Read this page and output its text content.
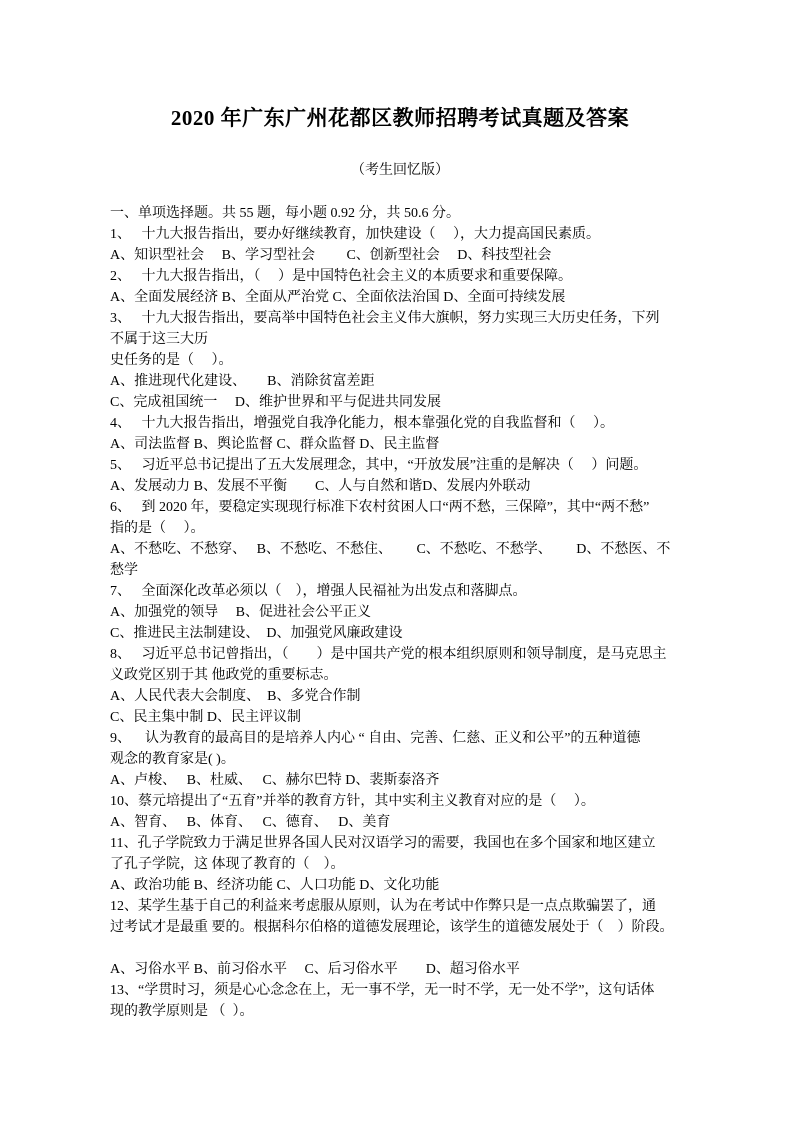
2020 年广东广州花都区教师招聘考试真题及答案

（考生回忆版）

一、单项选择题。共 55 题，每小题 0.92 分，共 50.6 分。

1、　 十九大报告指出，要办好继续教育，加快建设（　 ），大力提高国民素质。

A、知识型社会　 B、学习型社会　　 C、创新型社会　 D、科技型社会

2、　 十九大报告指出，（　 ）是中国特色社会主义的本质要求和重要保障。

A、全面发展经济 B、全面从严治党 C、全面依法治国 D、全面可持续发展

3、　 十九大报告指出，要高举中国特色社会主义伟大旗帜，努力实现三大历史任务，下列

不属于这三大历

史任务的是（　 ）。

A、推进现代化建设、　　B、消除贫富差距

C、完成祖国统一　 D、维护世界和平与促进共同发展

4、　 十九大报告指出，增强党自我净化能力，根本靠强化党的自我监督和（　 ）。

A、司法监督 B、舆论监督 C、群众监督 D、民主监督

5、　 习近平总书记提出了五大发展理念，其中，“开放发展”注重的是解决（　 ）问题。

A、发展动力 B、发展不平衡　　C、人与自然和谐D、发展内外联动

6、　 到 2020 年，要稳定实现现行标准下农村贫困人口“两不愁，三保障”，其中“两不愁”

指的是（　 ）。

A、不愁吃、不愁穿、　 B、不愁吃、不愁住、　　 C、不愁吃、不愁学、　　 D、不愁医、不

愁学

7、　 全面深化改革必须以（　），增强人民福祉为出发点和落脚点。

A、加强党的领导　 B、促进社会公平正义

C、推进民主法制建设、　D、加强党风廉政建设

8、　 习近平总书记曾指出，（　　）是中国共产党的根本组织原则和领导制度，是马克思主

义政党区别于其 他政党的重要标志。

A、人民代表大会制度、　B、多党合作制

C、民主集中制 D、民主评议制

9、　  认为教育的最高目的是培养人内心 “ 自由、完善、仁慈、正义和公平”的五种道德

观念的教育家是( )。

A、卢梭、　 B、杜威、　 C、赫尔巴特 D、裴斯泰洛齐

10、蔡元培提出了“五育”并举的教育方针，其中实利主义教育对应的是（　 ）。

A、智育、　 B、体育、　 C、德育、　 D、美育

11、孔子学院致力于满足世界各国人民对汉语学习的需要，我国也在多个国家和地区建立

了孔子学院，这 体现了教育的（　）。

A、政治功能 B、经济功能 C、人口功能 D、文化功能

12、某学生基于自己的利益来考虑服从原则，认为在考试中作弊只是一点点欺骗罢了，通

过考试才是最重 要的。根据科尔伯格的道德发展理论，该学生的道德发展处于（　）阶段。

A、习俗水平 B、前习俗水平　 C、后习俗水平　　D、超习俗水平

13、“学贯时习，须是心心念念在上，无一事不学，无一时不学，无一处不学”，这句话体

现的教学原则是 （  ）。
